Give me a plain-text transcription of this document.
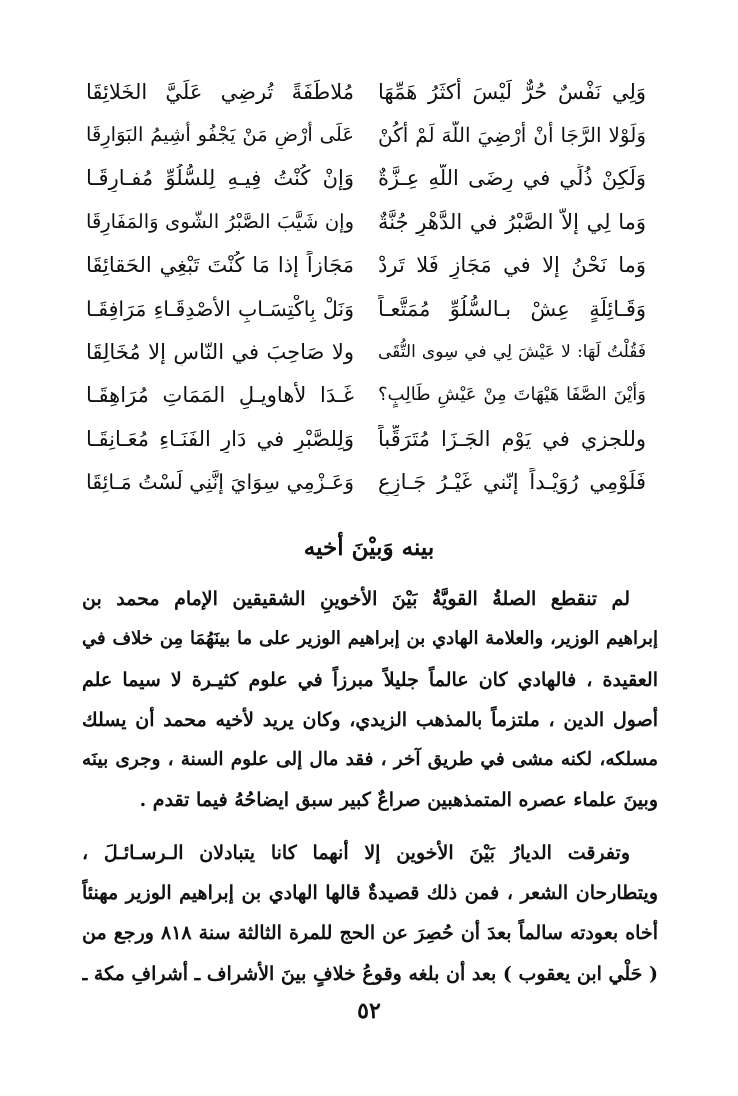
وَلِي نَفْسٌ حُرٌّ لَيْسَ أكثَرُ هَمِّهَا
مُلاطَفَةً تُرضِي عَلَيَّ الخَلائِقَا
وَلَوْلا الرَّجَا أنْ أرْضِيَ اللّهَ لَمْ أكُنْ
عَلَى أرْضٍ مَنْ يَجْفُو أشِيمُ البَوَارِقَا
وَلَكِنْ ذُلِّي في رِضَى اللّهِ عِـزَّةٌ
وَإنْ كُنْتُ فِيـهِ لِلسُّلُوِّ مُفـارِقَـا
وَما لِي إلاّ الصَّبْرُ في الدَّهْرِ جُنَّةٌ
وإن شَيَّبَ الصَّبْرُ الشّوى وَالمَفَارِقَا
وَما نَحْنُ إلا في مَجَازٍ فَلا تَردْ
مَجَازاً إذا مَا كُنْتَ تَبْغِي الحَقائِقَا
وَقَـائِلَةٍ عِشْ بـالسُّلُوِّ مُمَتَّعـاً
وَنَلْ بِاكْتِسَـابِ الأصْدِقَـاءِ مَرَافِقَـا
فَقُلْتُ لَهَا: لا عَيْشَ لِي في سِوى التُّقَى
ولا صَاحِبَ في النّاسِ إلا مُخَالِقَا
وَأيْنَ الصَّفَا هَيْهَاتَ مِنْ عَيْشِ طَالِبٍ؟
غَـدَا لأهاويـلِ المَمَاتِ مُرَاهِقَـا
وللجزي في يَوْمِ الجَـزَا مُتَرَقِّباً
وَلِلصَّبْرِ في دَارِ الفَنَـاءِ مُعَـانِقَـا
فَلَوْمِي رُوَيْـداً إنّني غَيْـرُ جَـازِعٍ
وَعَـزْمِي سِوَايَ إنَّنِي لَسْتُ مَـائِقَا
بينه وَبيْنَ أخيه
لم تنقطع الصلةُ القويَّةُ بَيْنَ الأخوينِ الشقيقين الإمام محمد بن
إبراهيم الوزير، والعلامة الهادي بن إبراهيم الوزير على ما بينَهُمَا مِن خلاف في
العقيدة ، فالهادي كان عالماً جليلاً مبرزاً في علوم كثيـرة لا سيما علم
أصول الدين ، ملتزماً بالمذهب الزيدي، وكان يريد لأخيه محمد أن يسلك
مسلكه، لكنه مشى في طريق آخر ، فقد مال إلى علوم السنة ، وجرى بينَه
وبينَ علماء عصره المتمذهبين صراعٌ كبير سبق ايضاحُهُ فيما تقدم .
وتفرقت الديارُ بَيْنَ الأخوين إلا أنهما كانا يتبادلان الـرسـائـلَ ،
ويتطارحان الشعر ، فمن ذلك قصيدةٌ قالها الهادي بن إبراهيم الوزير مهنئاً
أخاه بعودته سالماً بعدَ أن حُصِرَ عن الحج للمرة الثالثة سنة ٨١٨ ورجع من
( حَلْي ابن يعقوب ) بعد أن بلغه وقوعُ خلافٍ بينَ الأشراف ـ أشرافِ مكة ـ
٥٢
